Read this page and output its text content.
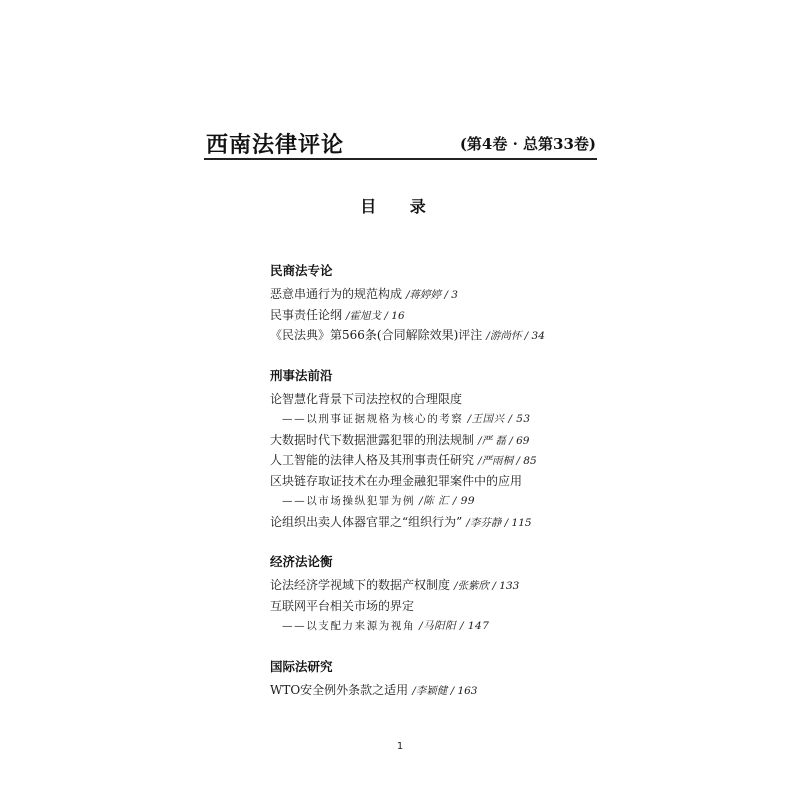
西南法律评论	(第4卷 · 总第33卷)
目 录
民商法专论
恶意串通行为的规范构成 /蒋婷婷 / 3
民事责任论纲 /霍旭戈 / 16
《民法典》第566条(合同解除效果)评注 /游尚怀 / 34
刑事法前沿
论智慧化背景下司法控权的合理限度
——以刑事证据规格为核心的考察 /王国兴 / 53
大数据时代下数据泄露犯罪的刑法规制 /严 磊 / 69
人工智能的法律人格及其刑事责任研究 /严雨桐 / 85
区块链存取证技术在办理金融犯罪案件中的应用
——以市场操纵犯罪为例 /陈 汇 / 99
论组织出卖人体器官罪之“组织行为” /李芬静 / 115
经济法论衡
论法经济学视域下的数据产权制度 /张紫欣 / 133
互联网平台相关市场的界定
——以支配力来源为视角 /马阳阳 / 147
国际法研究
WTO安全例外条款之适用 /李颖健 / 163
1
